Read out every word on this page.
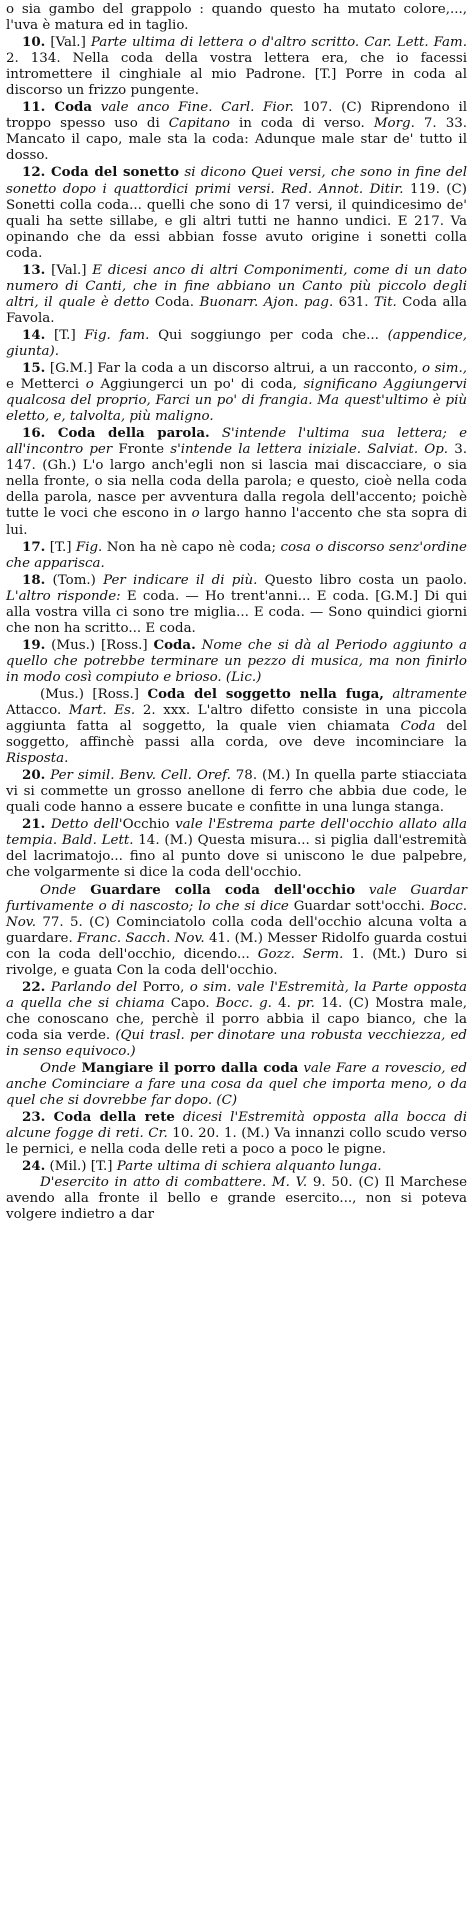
o sia gambo del grappolo : quando questo ha mutato colore,..., l'uva è matura ed in taglio.

10. [Val.] Parte ultima di lettera o d'altro scritto. Car. Lett. Fam. 2. 134. Nella coda della vostra lettera era, che io facessi intromettere il cinghiale al mio Padrone. [T.] Porre in coda al discorso un frizzo pungente.

11. Coda vale anco Fine. Carl. Fior. 107. (C) Riprendono il troppo spesso uso di Capitano in coda di verso. Morg. 7. 33. Mancato il capo, male sta la coda: Adunque male star de' tutto il dosso.

12. Coda del sonetto si dicono Quei versi, che sono in fine del sonetto dopo i quattordici primi versi. Red. Annot. Ditir. 119. (C) Sonetti colla coda... quelli che sono di 17 versi, il quindicesimo de' quali ha sette sillabe, e gli altri tutti ne hanno undici. E 217. Va opinando che da essi abbian fosse avuto origine i sonetti colla coda.

13. [Val.] E dicesi anco di altri Componimenti, come di un dato numero di Canti, che in fine abbiano un Canto più piccolo degli altri, il quale è detto Coda. Buonarr. Ajon. pag. 631. Tit. Coda alla Favola.

14. [T.] Fig. fam. Qui soggiungo per coda che... (appendice, giunta).

15. [G.M.] Far la coda a un discorso altrui, a un racconto, o sim., e Metterci o Aggiungerci un po' di coda, significano Aggiungervi qualcosa del proprio, Farci un po' di frangia. Ma quest'ultimo è più eletto, e, talvolta, più maligno.

16. Coda della parola. S'intende l'ultima sua lettera; e all'incontro per Fronte s'intende la lettera iniziale. Salviat. Op. 3. 147. (Gh.) L'o largo anch'egli non si lascia mai discacciare, o sia nella fronte, o sia nella coda della parola; e questo, cioè nella coda della parola, nasce per avventura dalla regola dell'accento; poichè tutte le voci che escono in o largo hanno l'accento che sta sopra di lui.

17. [T.] Fig. Non ha nè capo nè coda; cosa o discorso senz'ordine che apparisca.

18. (Tom.) Per indicare il di più. Questo libro costa un paolo. L'altro risponde: E coda. — Ho trent'anni... E coda. [G.M.] Di qui alla vostra villa ci sono tre miglia... E coda. — Sono quindici giorni che non ha scritto... E coda.

19. (Mus.) [Ross.] Coda. Nome che si dà al Periodo aggiunto a quello che potrebbe terminare un pezzo di musica, ma non finirlo in modo così compiuto e brioso. (Lic.)

(Mus.) [Ross.] Coda del soggetto nella fuga, altramente Attacco. Mart. Es. 2. xxx. L'altro difetto consiste in una piccola aggiunta fatta al soggetto, la quale vien chiamata Coda del soggetto, affinchè passi alla corda, ove deve incominciare la Risposta.

20. Per simil. Benv. Cell. Oref. 78. (M.) In quella parte stiacciata vi si commette un grosso anellone di ferro che abbia due code, le quali code hanno a essere bucate e confitte in una lunga stanga.

21. Detto dell'Occhio vale l'Estrema parte dell'occhio allato alla tempia. Bald. Lett. 14. (M.) Questa misura... si piglia dall'estremità del lacrimatojo... fino al punto dove si uniscono le due palpebre, che volgarmente si dice la coda dell'occhio.

Onde Guardare colla coda dell'occhio vale Guardar furtivamente o di nascosto; lo che si dice Guardar sott'occhi. Bocc. Nov. 77. 5. (C) Cominciatolo colla coda dell'occhio alcuna volta a guardare. Franc. Sacch. Nov. 41. (M.) Messer Ridolfo guarda costui con la coda dell'occhio, dicendo... Gozz. Serm. 1. (Mt.) Duro si rivolge, e guata Con la coda dell'occhio.

22. Parlando del Porro, o sim. vale l'Estremità, la Parte opposta a quella che si chiama Capo. Bocc. g. 4. pr. 14. (C) Mostra male, che conoscano che, perchè il porro abbia il capo bianco, che la coda sia verde. (Qui trasl. per dinotare una robusta vecchiezza, ed in senso equivoco.)

Onde Mangiare il porro dalla coda vale Fare a rovescio, ed anche Cominciare a fare una cosa da quel che importa meno, o da quel che si dovrebbe far dopo. (C)

23. Coda della rete dicesi l'Estremità opposta alla bocca di alcune fogge di reti. Cr. 10. 20. 1. (M.) Va innanzi collo scudo verso le pernici, e nella coda delle reti a poco a poco le pigne.

24. (Mil.) [T.] Parte ultima di schiera alquanto lunga.

D'esercito in atto di combattere. M. V. 9. 50. (C) Il Marchese avendo alla fronte il bello e grande esercito..., non si poteva volgere indietro a dar
